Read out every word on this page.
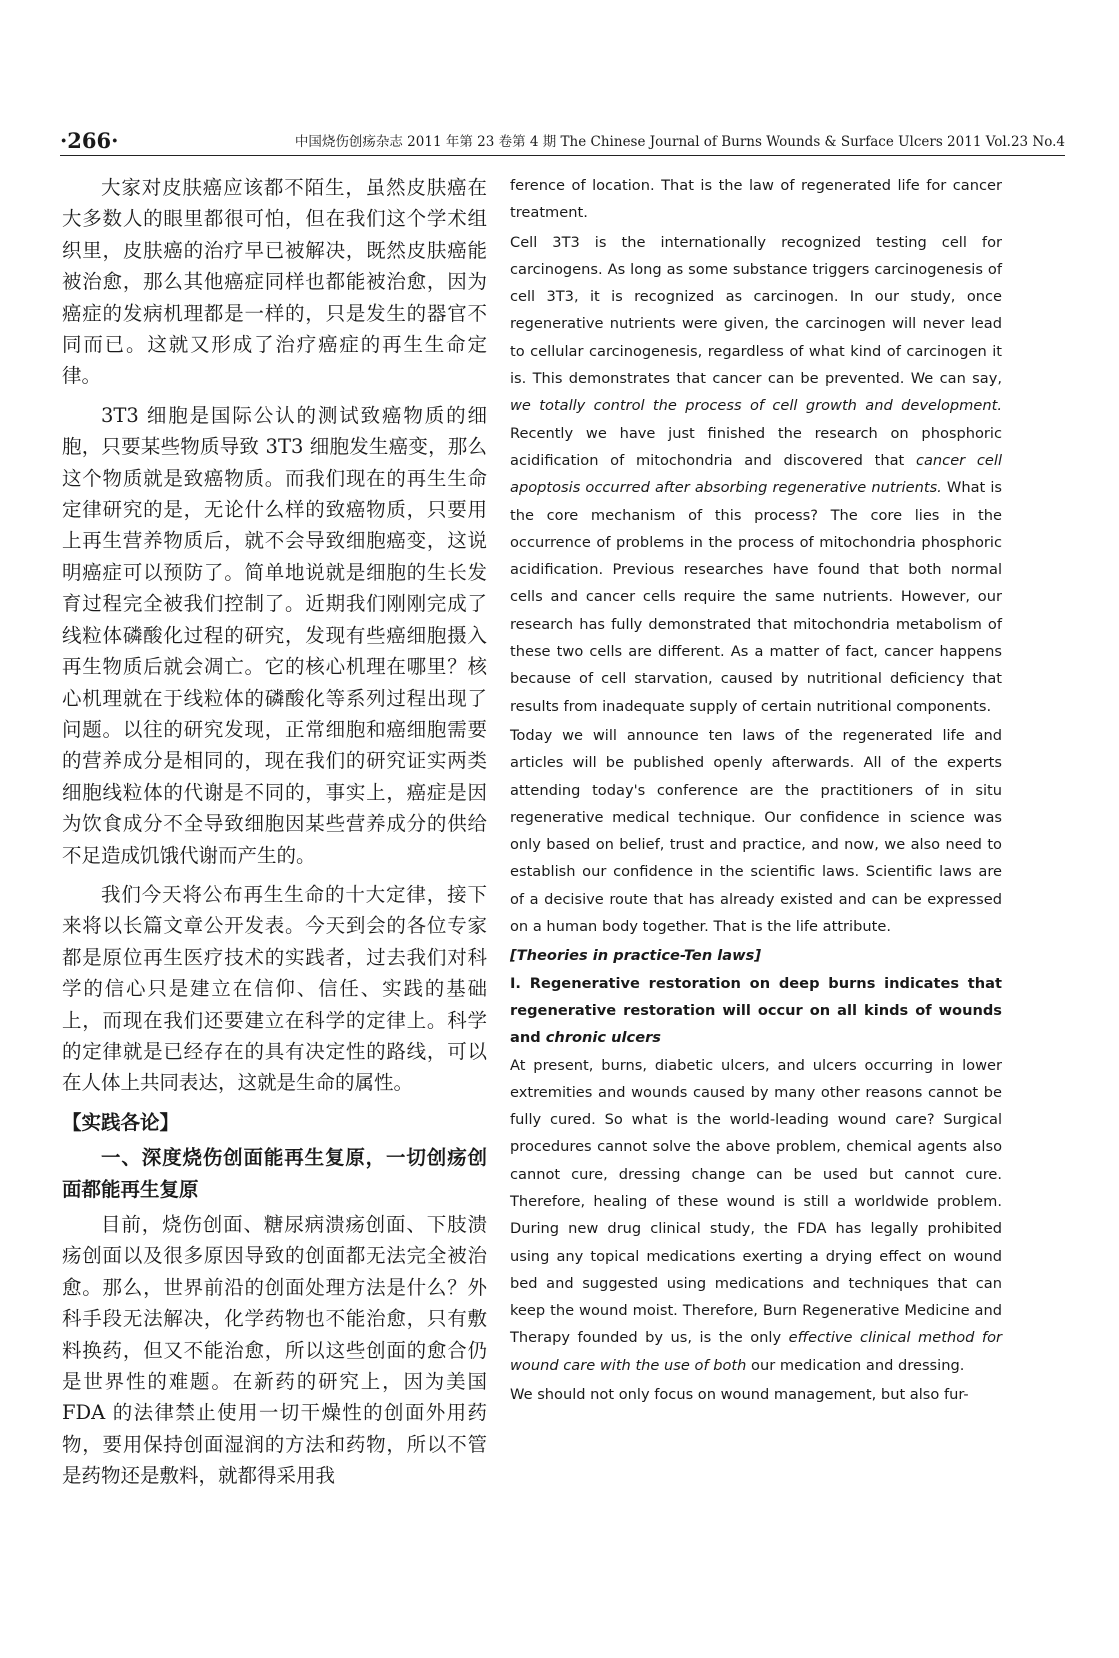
·266·	中国烧伤创疡杂志 2011 年第 23 卷第 4 期 The Chinese Journal of Burns Wounds & Surface Ulcers 2011 Vol.23 No.4

大家对皮肤癌应该都不陌生，虽然皮肤癌在大多数人的眼里都很可怕，但在我们这个学术组织里，皮肤癌的治疗早已被解决，既然皮肤癌能被治愈，那么其他癌症同样也都能被治愈，因为癌症的发病机理都是一样的，只是发生的器官不同而已。这就又形成了治疗癌症的再生生命定律。

3T3 细胞是国际公认的测试致癌物质的细胞，只要某些物质导致 3T3 细胞发生癌变，那么这个物质就是致癌物质。而我们现在的再生生命定律研究的是，无论什么样的致癌物质，只要用上再生营养物质后，就不会导致细胞癌变，这说明癌症可以预防了。简单地说就是细胞的生长发育过程完全被我们控制了。近期我们刚刚完成了线粒体磷酸化过程的研究，发现有些癌细胞摄入再生物质后就会凋亡。它的核心机理在哪里？核心机理就在于线粒体的磷酸化等系列过程出现了问题。以往的研究发现，正常细胞和癌细胞需要的营养成分是相同的，现在我们的研究证实两类细胞线粒体的代谢是不同的，事实上，癌症是因为饮食成分不全导致细胞因某些营养成分的供给不足造成饥饿代谢而产生的。

我们今天将公布再生生命的十大定律，接下来将以长篇文章公开发表。今天到会的各位专家都是原位再生医疗技术的实践者，过去我们对科学的信心只是建立在信仰、信任、实践的基础上，而现在我们还要建立在科学的定律上。科学的定律就是已经存在的具有决定性的路线，可以在人体上共同表达，这就是生命的属性。

【实践各论】

一、深度烧伤创面能再生复原，一切创疡创面都能再生复原

目前，烧伤创面、糖尿病溃疡创面、下肢溃疡创面以及很多原因导致的创面都无法完全被治愈。那么，世界前沿的创面处理方法是什么？外科手段无法解决，化学药物也不能治愈，只有敷料换药，但又不能治愈，所以这些创面的愈合仍是世界性的难题。在新药的研究上，因为美国 FDA 的法律禁止使用一切干燥性的创面外用药物，要用保持创面湿润的方法和药物，所以不管是药物还是敷料，就都得采用我

ference of location. That is the law of regenerated life for cancer treatment.

Cell 3T3 is the internationally recognized testing cell for carcinogens. As long as some substance triggers carcinogenesis of cell 3T3, it is recognized as carcinogen. In our study, once regenerative nutrients were given, the carcinogen will never lead to cellular carcinogenesis, regardless of what kind of carcinogen it is. This demonstrates that cancer can be prevented. We can say, we totally control the process of cell growth and development. Recently we have just finished the research on phosphoric acidification of mitochondria and discovered that cancer cell apoptosis occurred after absorbing regenerative nutrients. What is the core mechanism of this process? The core lies in the occurrence of problems in the process of mitochondria phosphoric acidification. Previous researches have found that both normal cells and cancer cells require the same nutrients. However, our research has fully demonstrated that mitochondria metabolism of these two cells are different. As a matter of fact, cancer happens because of cell starvation, caused by nutritional deficiency that results from inadequate supply of certain nutritional components.

Today we will announce ten laws of the regenerated life and articles will be published openly afterwards. All of the experts attending today's conference are the practitioners of in situ regenerative medical technique. Our confidence in science was only based on belief, trust and practice, and now, we also need to establish our confidence in the scientific laws. Scientific laws are of a decisive route that has already existed and can be expressed on a human body together. That is the life attribute.

[Theories in practice-Ten laws]

I. Regenerative restoration on deep burns indicates that regenerative restoration will occur on all kinds of wounds and chronic ulcers

At present, burns, diabetic ulcers, and ulcers occurring in lower extremities and wounds caused by many other reasons cannot be fully cured. So what is the world-leading wound care? Surgical procedures cannot solve the above problem, chemical agents also cannot cure, dressing change can be used but cannot cure. Therefore, healing of these wound is still a worldwide problem. During new drug clinical study, the FDA has legally prohibited using any topical medications exerting a drying effect on wound bed and suggested using medications and techniques that can keep the wound moist. Therefore, Burn Regenerative Medicine and Therapy founded by us, is the only effective clinical method for wound care with the use of both our medication and dressing.

We should not only focus on wound management, but also fur-
